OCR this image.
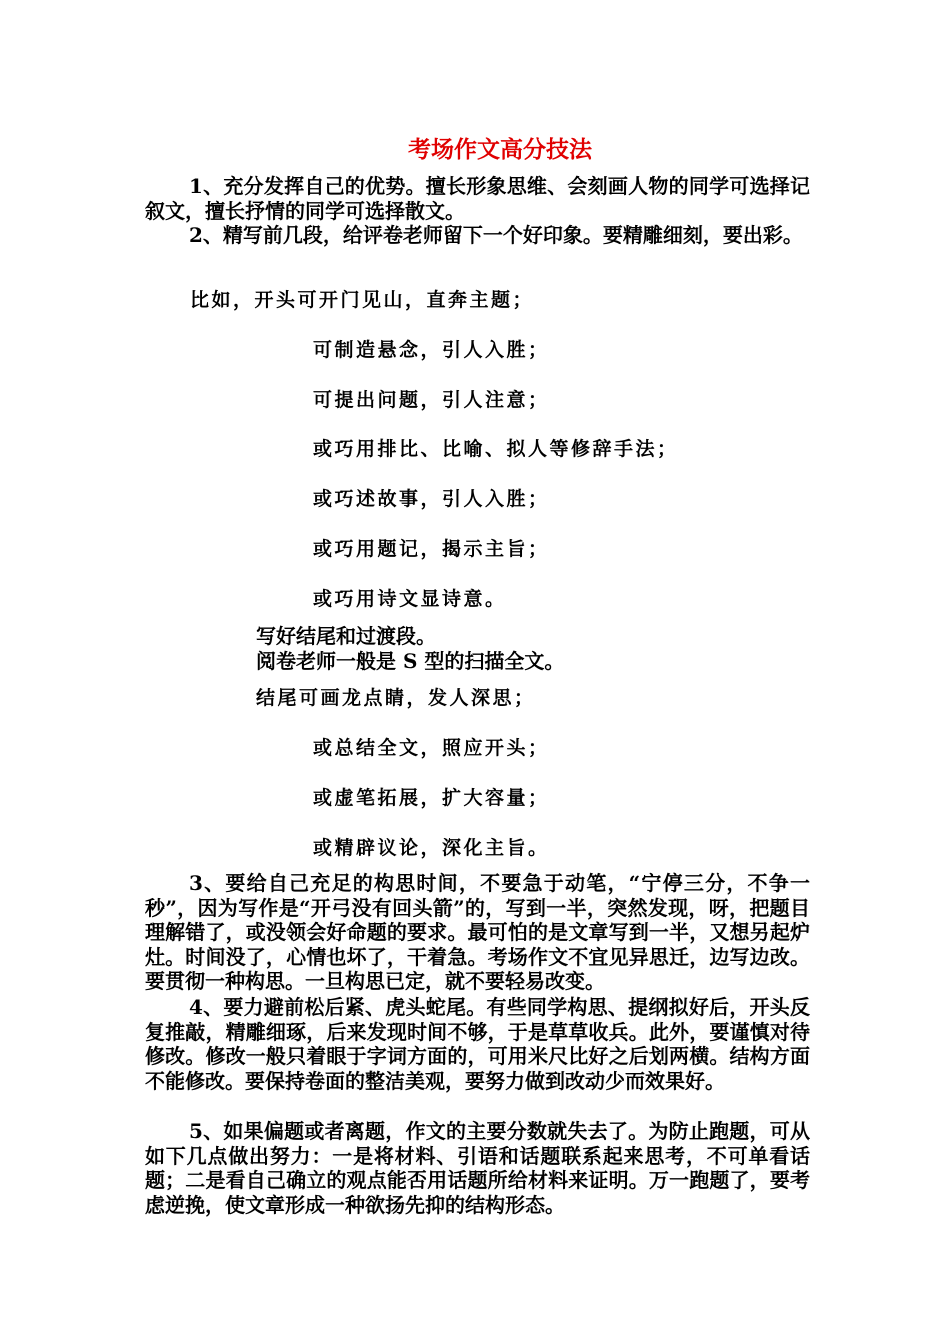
考场作文高分技法

1、充分发挥自己的优势。擅长形象思维、会刻画人物的同学可选择记叙文，擅长抒情的同学可选择散文。

2、精写前几段，给评卷老师留下一个好印象。要精雕细刻，要出彩。

比如，开头可开门见山，直奔主题；
可制造悬念，引人入胜；
可提出问题，引人注意；
或巧用排比、比喻、拟人等修辞手法；
或巧述故事，引人入胜；
或巧用题记，揭示主旨；
或巧用诗文显诗意。
写好结尾和过渡段。
阅卷老师一般是 S 型的扫描全文。
结尾可画龙点睛，发人深思；
或总结全文，照应开头；
或虚笔拓展，扩大容量；
或精辟议论，深化主旨。

3、要给自己充足的构思时间，不要急于动笔，“宁停三分，不争一秒”，因为写作是“开弓没有回头箭”的，写到一半，突然发现，呀，把题目理解错了，或没领会好命题的要求。最可怕的是文章写到一半，又想另起炉灶。时间没了，心情也坏了，干着急。考场作文不宜见异思迁，边写边改。要贯彻一种构思。一旦构思已定，就不要轻易改变。

4、要力避前松后紧、虎头蛇尾。有些同学构思、提纲拟好后，开头反复推敲，精雕细琢，后来发现时间不够，于是草草收兵。此外，要谨慎对待修改。修改一般只着眼于字词方面的，可用米尺比好之后划两横。结构方面不能修改。要保持卷面的整洁美观，要努力做到改动少而效果好。

5、如果偏题或者离题，作文的主要分数就失去了。为防止跑题，可从如下几点做出努力：一是将材料、引语和话题联系起来思考，不可单看话题；二是看自己确立的观点能否用话题所给材料来证明。万一跑题了，要考虑逆挽，使文章形成一种欲扬先抑的结构形态。
